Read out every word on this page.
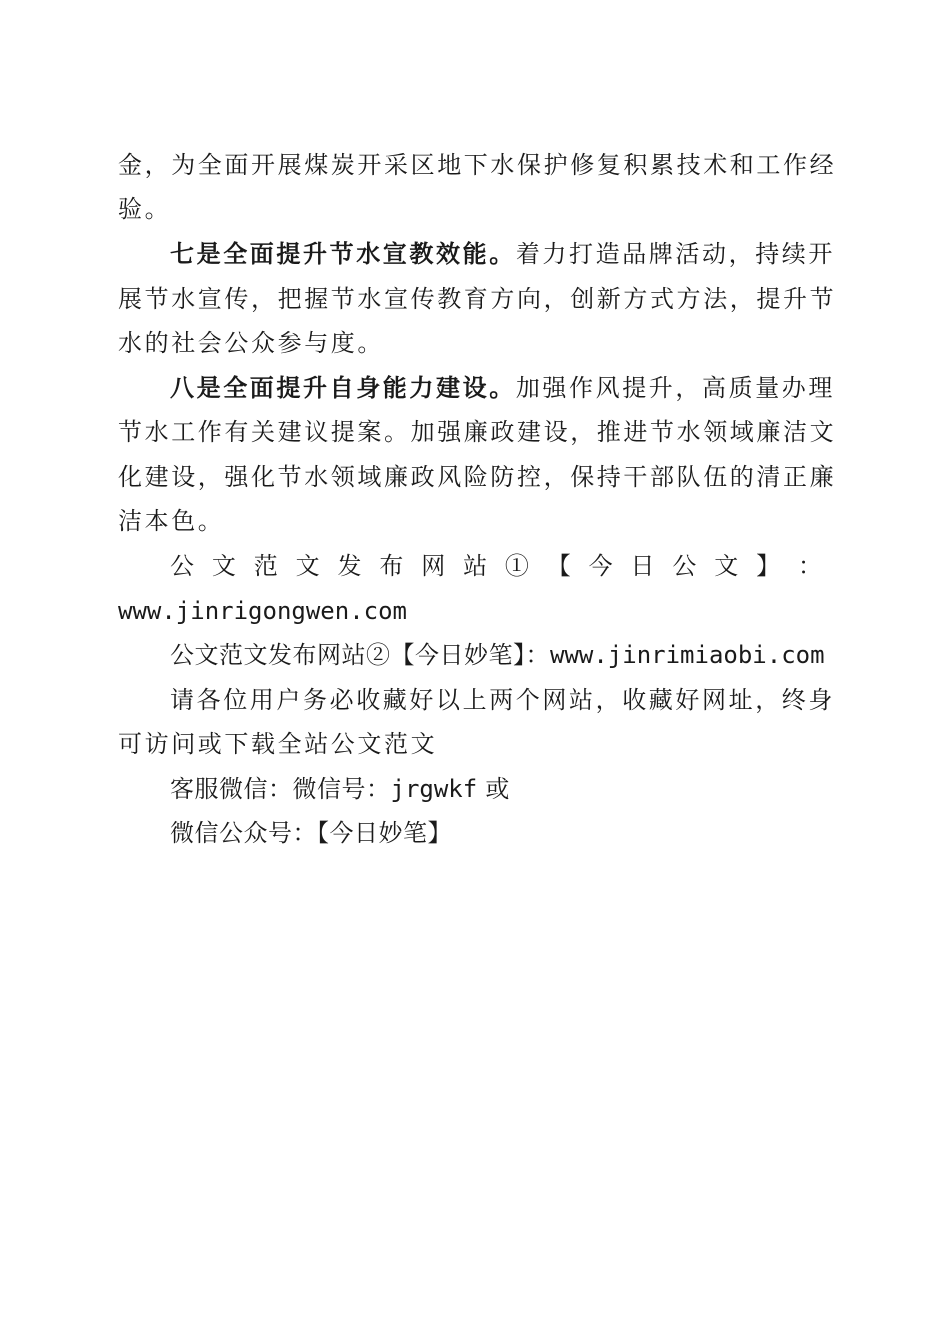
金，为全面开展煤炭开采区地下水保护修复积累技术和工作经
验。
七是全面提升节水宣教效能。着力打造品牌活动，持续开
展节水宣传，把握节水宣传教育方向，创新方式方法，提升节
水的社会公众参与度。
八是全面提升自身能力建设。加强作风提升，高质量办理
节水工作有关建议提案。加强廉政建设，推进节水领域廉洁文
化建设，强化节水领域廉政风险防控，保持干部队伍的清正廉
洁本色。
公 文 范 文 发 布 网 站 ① 【 今 日 公 文 】 ：
www.jinrigongwen.com
公文范文发布网站②【今日妙笔】：www.jinrimiaobi.com
请各位用户务必收藏好以上两个网站，收藏好网址，终身
可访问或下载全站公文范文
客服微信：微信号：jrgwkf 或
微信公众号：【今日妙笔】
